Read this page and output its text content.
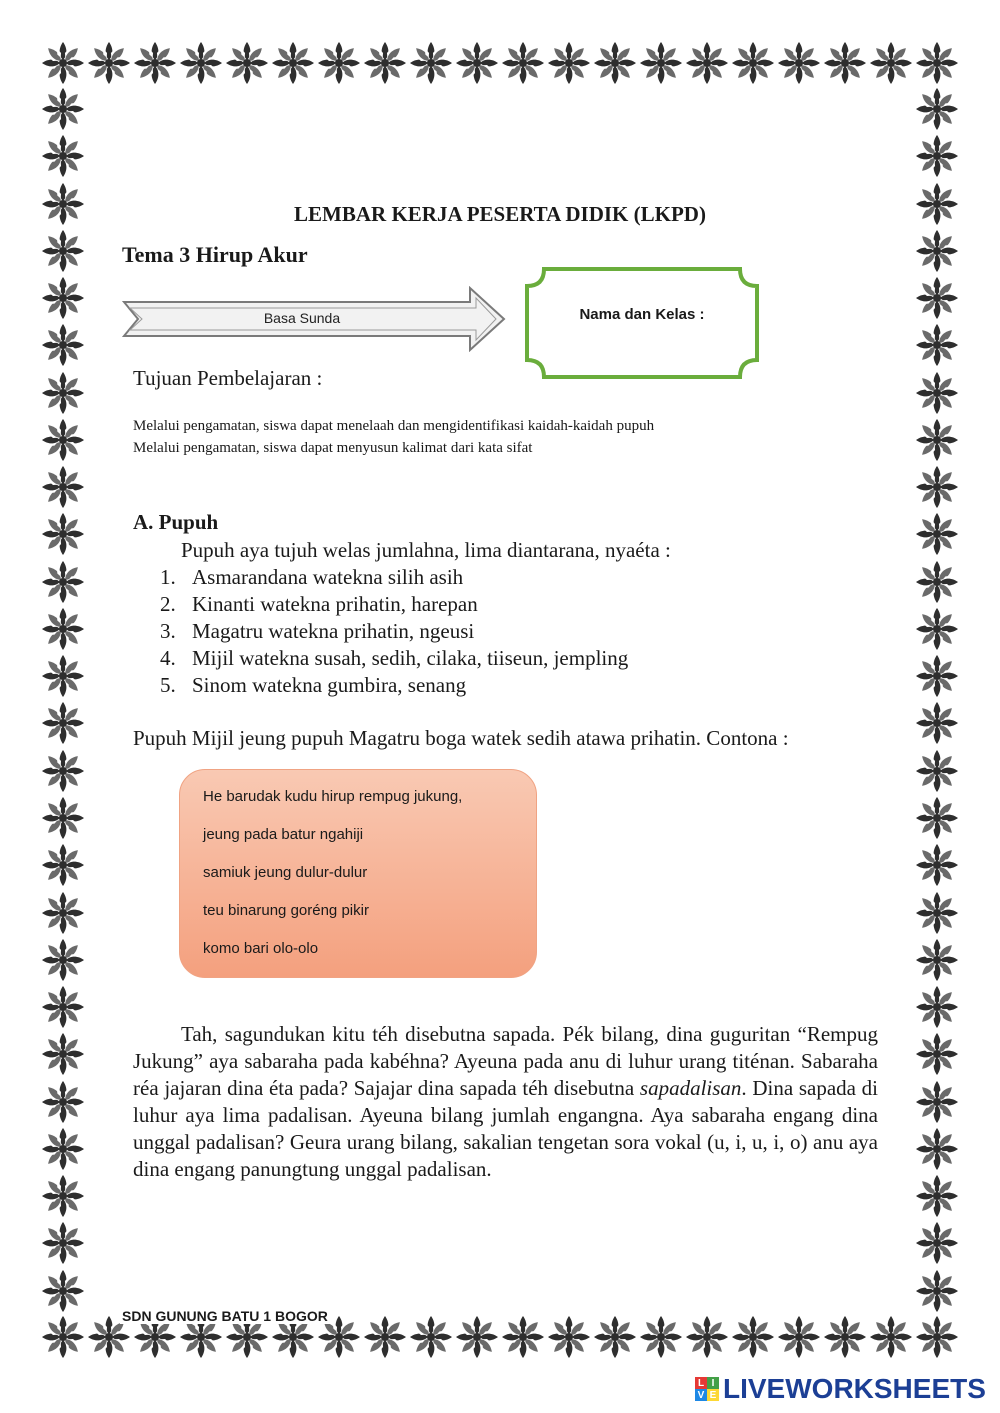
LEMBAR KERJA PESERTA DIDIK (LKPD)
Tema 3 Hirup Akur
Basa Sunda	Nama dan Kelas :
Tujuan Pembelajaran :
Melalui pengamatan, siswa dapat menelaah dan mengidentifikasi kaidah-kaidah pupuh
Melalui pengamatan, siswa dapat menyusun kalimat dari kata sifat
A. Pupuh
Pupuh aya tujuh welas jumlahna, lima diantarana, nyaéta :
1. Asmarandana watekna silih asih
2. Kinanti watekna prihatin, harepan
3. Magatru watekna prihatin, ngeusi
4. Mijil watekna susah, sedih, cilaka, tiiseun, jempling
5. Sinom watekna gumbira, senang
Pupuh Mijil jeung pupuh Magatru boga watek sedih atawa prihatin. Contona :
He barudak kudu hirup rempug jukung,
jeung pada batur ngahiji
samiuk jeung dulur-dulur
teu binarung goréng pikir
komo bari olo-olo
Tah, sagundukan kitu téh disebutna sapada. Pék bilang, dina guguritan “Rempug Jukung” aya sabaraha pada kabéhna? Ayeuna pada anu di luhur urang titénan. Sabaraha réa jajaran dina éta pada? Sajajar dina sapada téh disebutna sapadalisan. Dina sapada di luhur aya lima padalisan. Ayeuna bilang jumlah engangna. Aya sabaraha engang dina unggal padalisan? Geura urang bilang, sakalian tengetan sora vokal (u, i, u, i, o) anu aya dina engang panungtung unggal padalisan.
SDN GUNUNG BATU 1 BOGOR
L I
V E LIVEWORKSHEETS
